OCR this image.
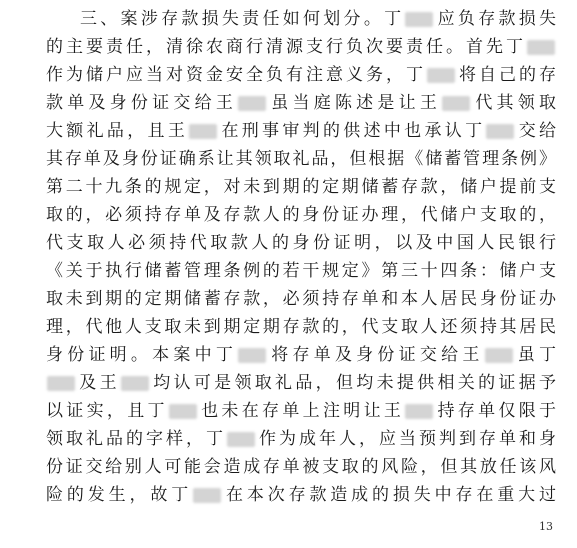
三、案涉存款损失责任如何划分。丁 应负存款损失
的主要责任，清徐农商行清源支行负次要责任。首先丁
作为储户应当对资金安全负有注意义务，丁 将自己的存
款单及身份证交给王 虽当庭陈述是让王 代其领取
大额礼品，且王 在刑事审判的供述中也承认丁 交给
其存单及身份证确系让其领取礼品，但根据《储蓄管理条例》
第二十九条的规定，对未到期的定期储蓄存款，储户提前支
取的，必须持存单及存款人的身份证办理，代储户支取的，
代支取人必须持代取款人的身份证明，以及中国人民银行
《关于执行储蓄管理条例的若干规定》第三十四条：储户支
取未到期的定期储蓄存款，必须持存单和本人居民身份证办
理，代他人支取未到期定期存款的，代支取人还须持其居民
身份证明。本案中丁 将存单及身份证交给王 虽丁
及王 均认可是领取礼品，但均未提供相关的证据予
以证实，且丁 也未在存单上注明让王 持存单仅限于
领取礼品的字样，丁 作为成年人，应当预判到存单和身
份证交给别人可能会造成存单被支取的风险，但其放任该风
险的发生，故丁 在本次存款造成的损失中存在重大过
13
